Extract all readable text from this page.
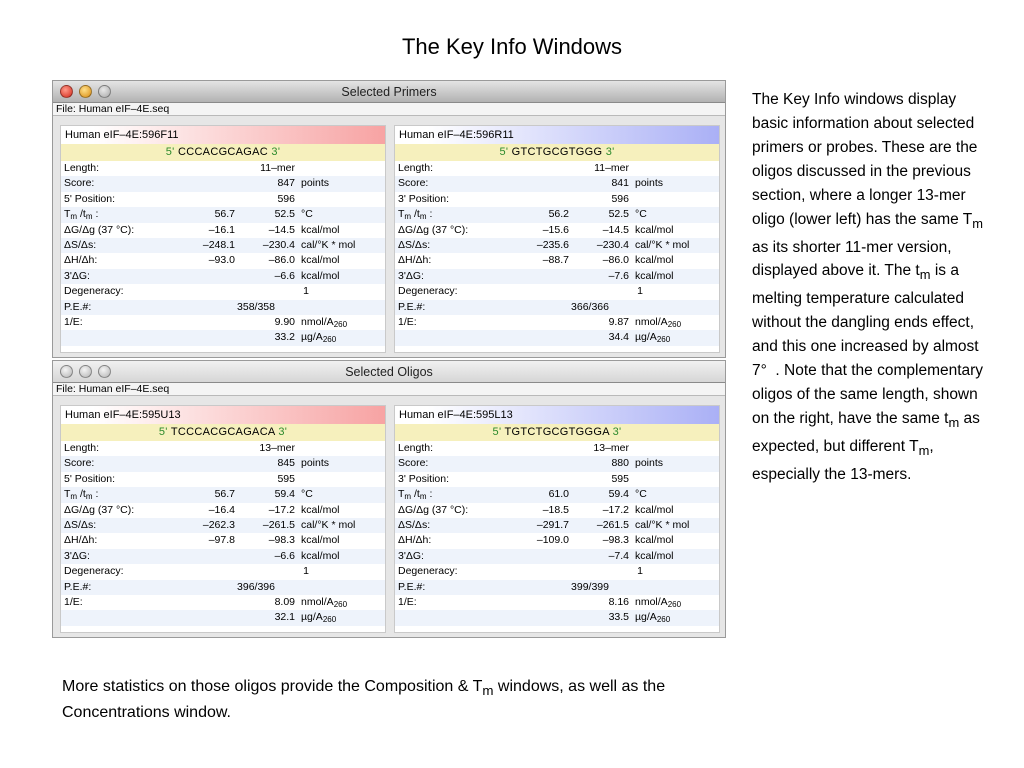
The Key Info Windows
Selected Primers
File: Human eIF–4E.seq
Human eIF–4E:596F11
5' CCCACGCAGAC 3'
Length:	11–mer
Score:	847 points
5' Position:	596
$T_m$ $/t_m$ :	56.7	52.5 °C
ΔG/Δg (37 °C):	–16.1	–14.5 kcal/mol
ΔS/Δs:	–248.1	–230.4 cal/°K * mol
ΔH/Δh:	–93.0	–86.0 kcal/mol
3'ΔG:	–6.6 kcal/mol
Degeneracy:	1
P.E.#:	358/358
1/E:	9.90 nmol/$A_{260}$
33.2 $\mu g/A_{260}$
Human eIF–4E:596R11
5' GTCTGCGTGGG 3'
Length:	11–mer
Score:	841 points
3' Position:	596
$T_m$ $/t_m$ :	56.2	52.5 °C
ΔG/Δg (37 °C):	–15.6	–14.5 kcal/mol
ΔS/Δs:	–235.6	–230.4 cal/°K * mol
ΔH/Δh:	–88.7	–86.0 kcal/mol
3'ΔG:	–7.6 kcal/mol
Degeneracy:	1
P.E.#:	366/366
1/E:	9.87 nmol/$A_{260}$
34.4 $\mu g/A_{260}$
Selected Oligos
File: Human eIF–4E.seq
Human eIF–4E:595U13
5' TCCCACGCAGACA 3'
Length:	13–mer
Score:	845 points
5' Position:	595
$T_m$ $/t_m$ :	56.7	59.4 °C
ΔG/Δg (37 °C):	–16.4	–17.2 kcal/mol
ΔS/Δs:	–262.3	–261.5 cal/°K * mol
ΔH/Δh:	–97.8	–98.3 kcal/mol
3'ΔG:	–6.6 kcal/mol
Degeneracy:	1
P.E.#:	396/396
1/E:	8.09 nmol/$A_{260}$
32.1 $\mu g/A_{260}$
Human eIF–4E:595L13
5' TGTCTGCGTGGGA 3'
Length:	13–mer
Score:	880 points
3' Position:	595
$T_m$ $/t_m$ :	61.0	59.4 °C
ΔG/Δg (37 °C):	–18.5	–17.2 kcal/mol
ΔS/Δs:	–291.7	–261.5 cal/°K * mol
ΔH/Δh:	–109.0	–98.3 kcal/mol
3'ΔG:	–7.4 kcal/mol
Degeneracy:	1
P.E.#:	399/399
1/E:	8.16 nmol/$A_{260}$
33.5 $\mu g/A_{260}$
The Key Info windows display basic information about selected primers or probes. These are the oligos discussed in the previous section, where a longer 13-mer oligo (lower left) has the same $T_m$ as its shorter 11-mer version, displayed above it. The $t_m$ is a melting temperature calculated without the dangling ends effect, and this one increased by almost 7°  . Note that the complementary oligos of the same length, shown on the right, have the same $t_m$ as expected, but different $T_m$, especially the 13-mers.
More statistics on those oligos provide the Composition & $T_m$ windows, as well as the Concentrations window.
